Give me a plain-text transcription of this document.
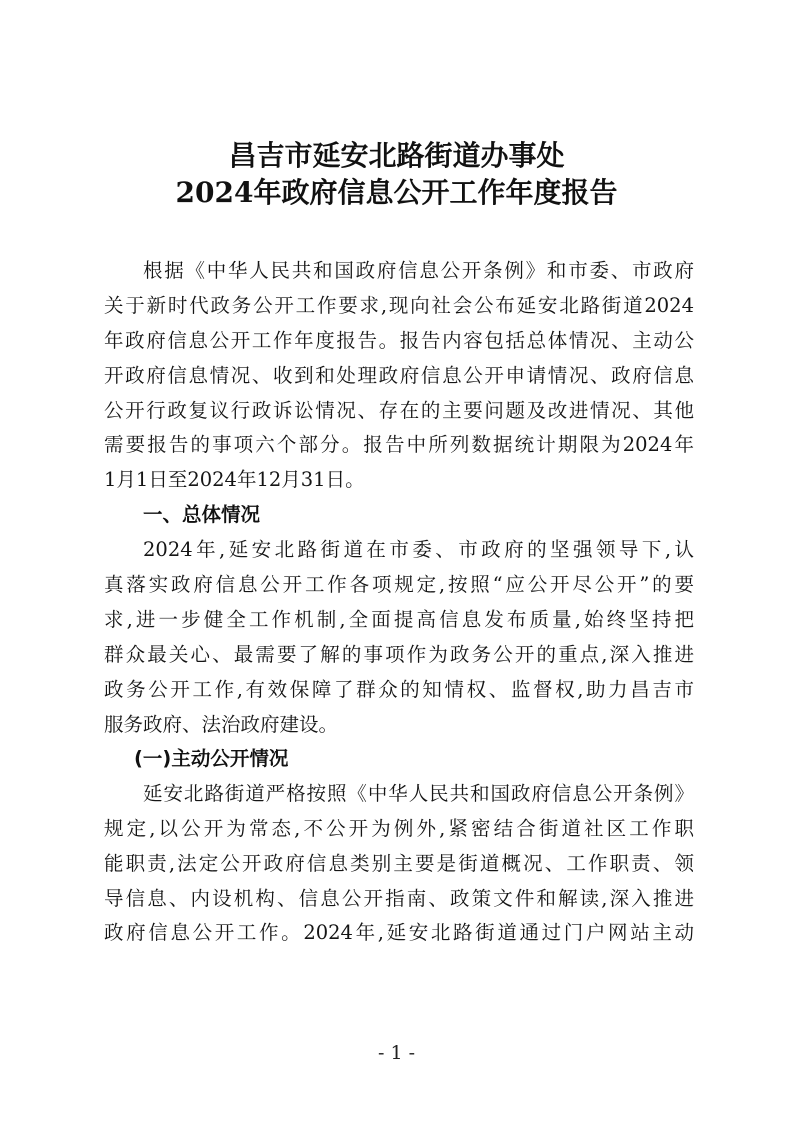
昌吉市延安北路街道办事处
2024年政府信息公开工作年度报告
根据《中华人民共和国政府信息公开条例》和市委、市政府
关于新时代政务公开工作要求,现向社会公布延安北路街道2024
年政府信息公开工作年度报告。报告内容包括总体情况、主动公
开政府信息情况、收到和处理政府信息公开申请情况、政府信息
公开行政复议行政诉讼情况、存在的主要问题及改进情况、其他
需要报告的事项六个部分。报告中所列数据统计期限为2024年
1月1日至2024年12月31日。
一、总体情况
2024年,延安北路街道在市委、市政府的坚强领导下,认
真落实政府信息公开工作各项规定,按照“应公开尽公开”的要
求,进一步健全工作机制,全面提高信息发布质量,始终坚持把
群众最关心、最需要了解的事项作为政务公开的重点,深入推进
政务公开工作,有效保障了群众的知情权、监督权,助力昌吉市
服务政府、法治政府建设。
(一)主动公开情况
延安北路街道严格按照《中华人民共和国政府信息公开条例》
规定,以公开为常态,不公开为例外,紧密结合街道社区工作职
能职责,法定公开政府信息类别主要是街道概况、工作职责、领
导信息、内设机构、信息公开指南、政策文件和解读,深入推进
政府信息公开工作。2024年,延安北路街道通过门户网站主动
- 1 -
